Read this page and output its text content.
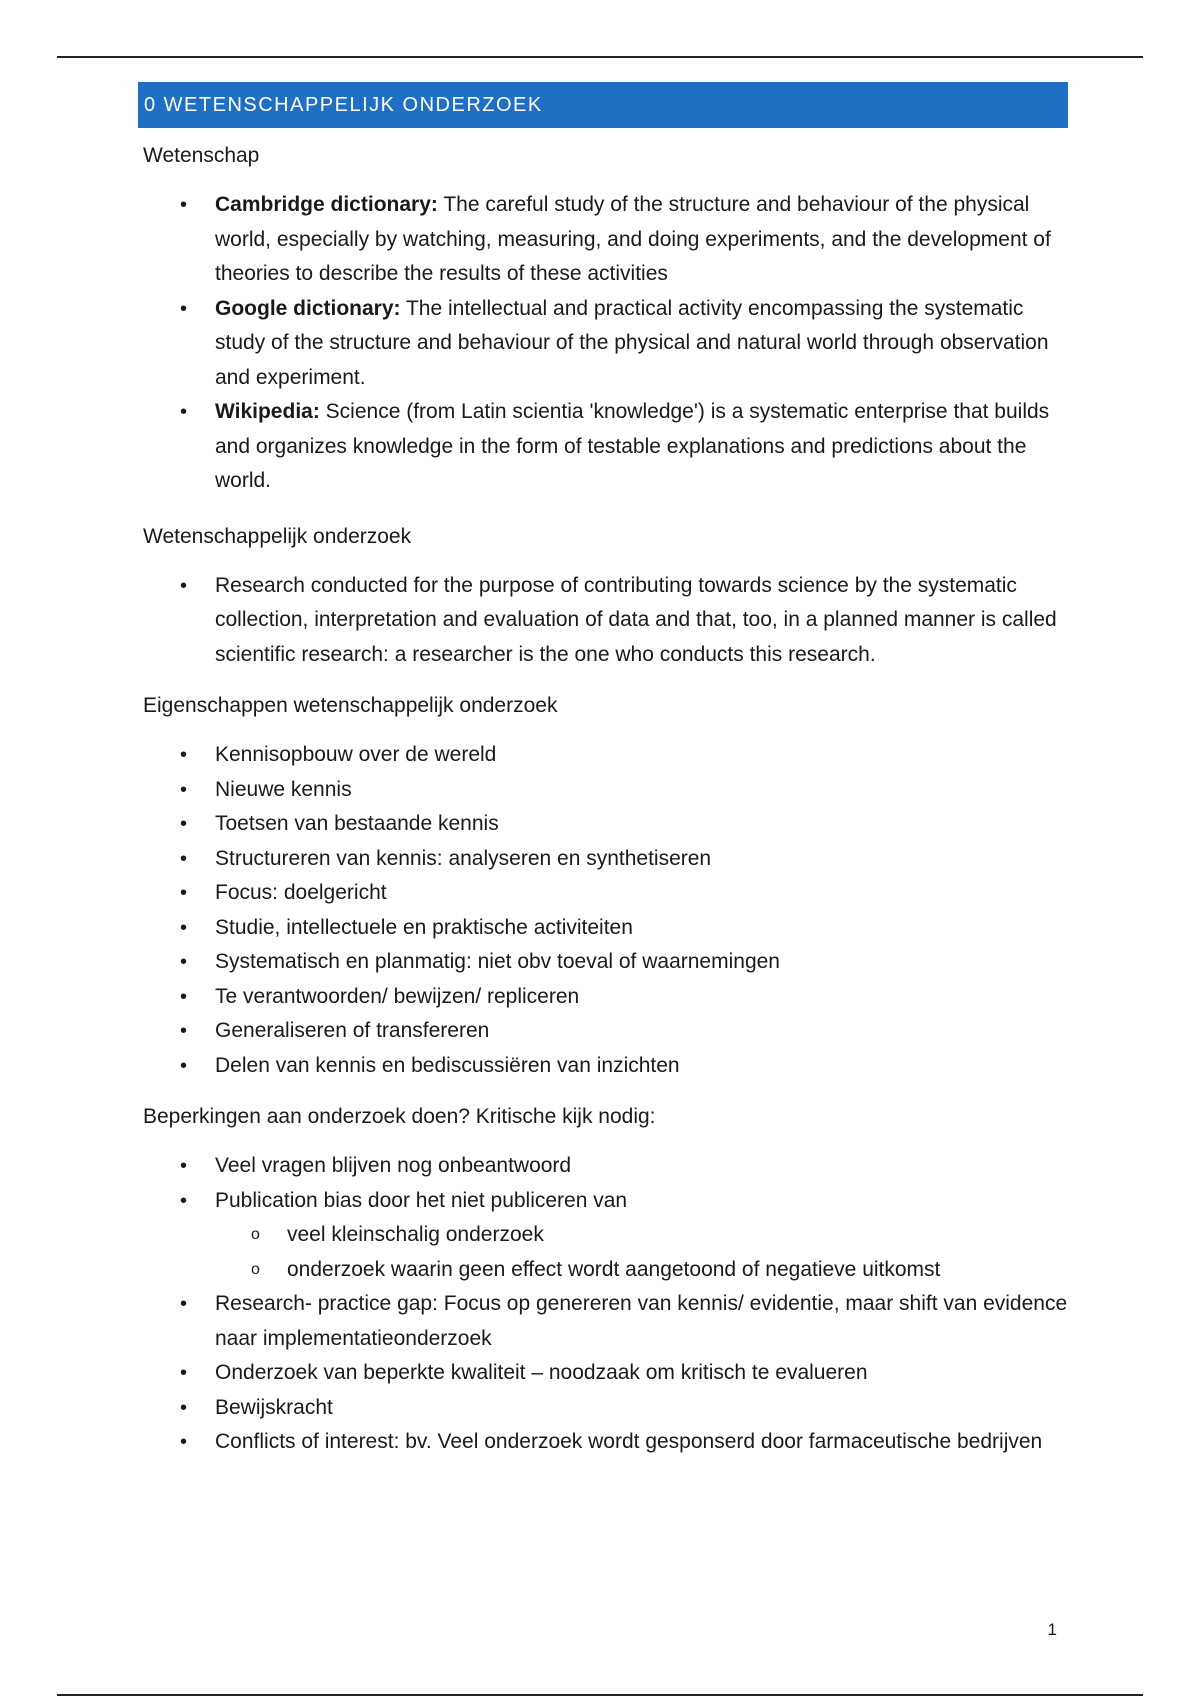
0 WETENSCHAPPELIJK ONDERZOEK
Wetenschap
• Cambridge dictionary: The careful study of the structure and behaviour of the physical world, especially by watching, measuring, and doing experiments, and the development of theories to describe the results of these activities
• Google dictionary: The intellectual and practical activity encompassing the systematic study of the structure and behaviour of the physical and natural world through observation and experiment.
• Wikipedia: Science (from Latin scientia 'knowledge') is a systematic enterprise that builds and organizes knowledge in the form of testable explanations and predictions about the world.
Wetenschappelijk onderzoek
• Research conducted for the purpose of contributing towards science by the systematic collection, interpretation and evaluation of data and that, too, in a planned manner is called scientific research: a researcher is the one who conducts this research.
Eigenschappen wetenschappelijk onderzoek
• Kennisopbouw over de wereld
• Nieuwe kennis
• Toetsen van bestaande kennis
• Structureren van kennis: analyseren en synthetiseren
• Focus: doelgericht
• Studie, intellectuele en praktische activiteiten
• Systematisch en planmatig: niet obv toeval of waarnemingen
• Te verantwoorden/ bewijzen/ repliceren
• Generaliseren of transfereren
• Delen van kennis en bediscussiëren van inzichten
Beperkingen aan onderzoek doen? Kritische kijk nodig:
• Veel vragen blijven nog onbeantwoord
• Publication bias door het niet publiceren van
o veel kleinschalig onderzoek
o onderzoek waarin geen effect wordt aangetoond of negatieve uitkomst
• Research- practice gap: Focus op genereren van kennis/ evidentie, maar shift van evidence naar implementatieonderzoek
• Onderzoek van beperkte kwaliteit – noodzaak om kritisch te evalueren
• Bewijskracht
• Conflicts of interest: bv. Veel onderzoek wordt gesponserd door farmaceutische bedrijven
1
